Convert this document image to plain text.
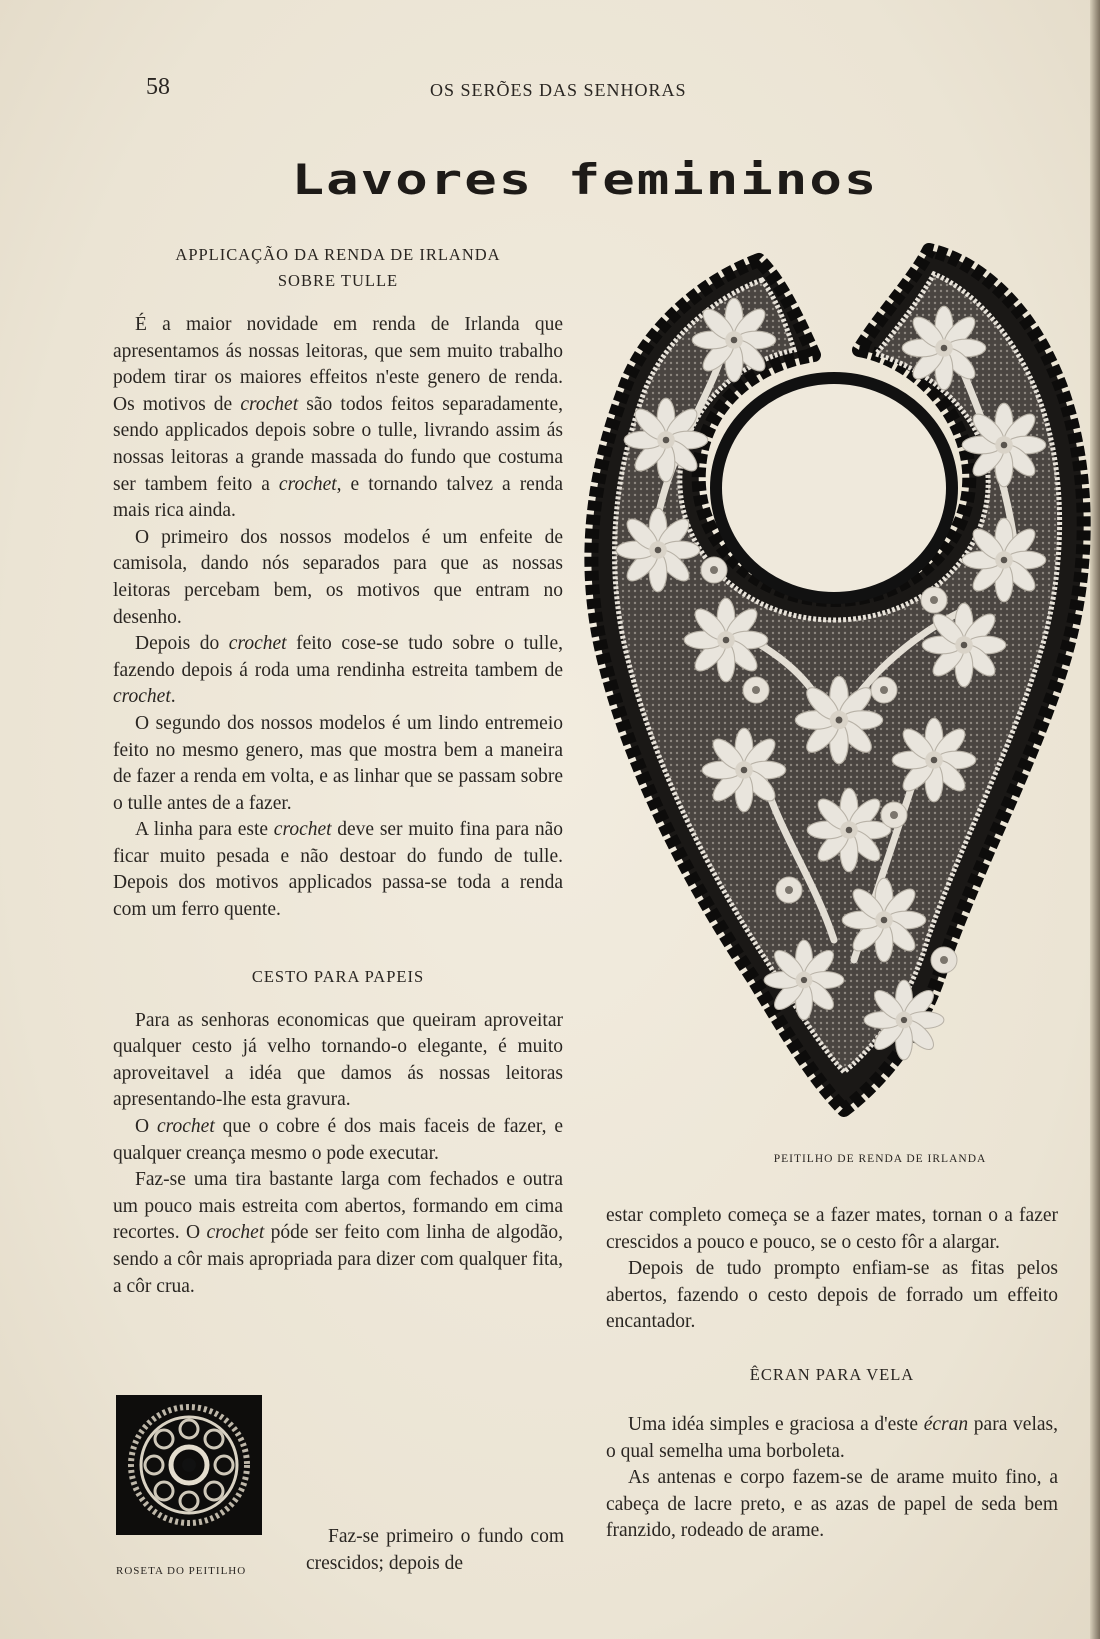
58	OS SERÕES DAS SENHORAS
Lavores femininos
APPLICAÇÃO DA RENDA DE IRLANDA
SOBRE TULLE

É a maior novidade em renda de Irlanda que apresentamos ás nossas leitoras, que sem muito trabalho podem tirar os maiores effeitos n'este genero de renda. Os motivos de crochet são todos feitos separadamente, sendo applicados depois sobre o tulle, livrando assim ás nossas leitoras a grande massada do fundo que costuma ser tambem feito a crochet, e tornando talvez a renda mais rica ainda.

O primeiro dos nossos modelos é um enfeite de camisola, dando nós separados para que as nossas leitoras percebam bem, os motivos que entram no desenho.

Depois do crochet feito cose-se tudo sobre o tulle, fazendo depois á roda uma rendinha estreita tambem de crochet.

O segundo dos nossos modelos é um lindo entremeio feito no mesmo genero, mas que mostra bem a maneira de fazer a renda em volta, e as linhar que se passam sobre o tulle antes de a fazer.

A linha para este crochet deve ser muito fina para não ficar muito pesada e não destoar do fundo de tulle. Depois dos motivos applicados passa-se toda a renda com um ferro quente.

CESTO PARA PAPEIS

Para as senhoras economicas que queiram aproveitar qualquer cesto já velho tornando-o elegante, é muito aproveitavel a idéa que damos ás nossas leitoras apresentando-lhe esta gravura.

O crochet que o cobre é dos mais faceis de fazer, e qualquer creança mesmo o pode executar.

Faz-se uma tira bastante larga com fechados e outra um pouco mais estreita com abertos, formando em cima recortes. O crochet póde ser feito com linha de algodão, sendo a côr mais apropriada para dizer com qualquer fita, a côr crua.

ROSETA DO PEITILHO

estar completo começa se a fazer mates, tornan o a fazer crescidos a pouco e pouco, se o cesto fôr a alargar.

Depois de tudo prompto enfiam-se as fitas pelos abertos, fazendo o cesto depois de forrado um effeito encantador.

ÊCRAN PARA VELA

Uma idéa simples e graciosa a d'este écran para velas, o qual semelha uma borboleta.

As antenas e corpo fazem-se de arame muito fino, a cabeça de lacre preto, e as azas de papel de seda bem franzido, rodeado de arame.

PEITILHO DE RENDA DE IRLANDA

Faz-se primeiro o fundo com crescidos; depois de
